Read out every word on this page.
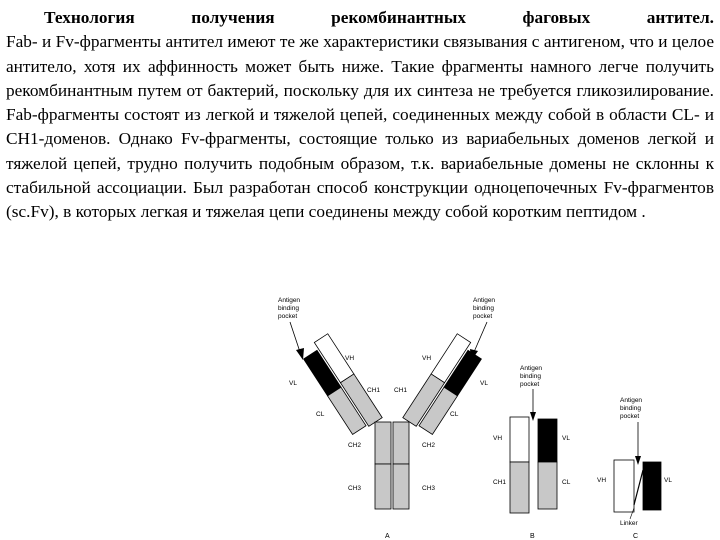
Технология получения рекомбинантных фаговых антител.
Fab- и Fv-фрагменты антител имеют те же характеристики связывания с антигеном, что и целое антитело, хотя их аффинность может быть ниже. Такие фрагменты намного легче получить рекомбинантным путем от бактерий, поскольку для их синтеза не требуется гликозилирование. Fab-фрагменты состоят из легкой и тяжелой цепей, соединенных между собой в области CL- и CH1-доменов. Однако Fv-фрагменты, состоящие только из вариабельных доменов легкой и тяжелой цепей, трудно получить подобным образом, т.к. вариабельные домены не склонны к стабильной ассоциации. Был разработан способ конструкции одноцепочечных Fv-фрагментов (sc.Fv), в которых легкая и тяжелая цепи соединены между собой коротким пептидом .
Antigen
binding
pocket
Antigen
binding
pocket
VH
VL
CH1
CL
VH
VL
CH1
CL
CH2	CH2
CH3	CH3
A
Antigen
binding
pocket
VH	VL
CH1	CL
B
Antigen
binding
pocket
VH	VL
Linker
C
